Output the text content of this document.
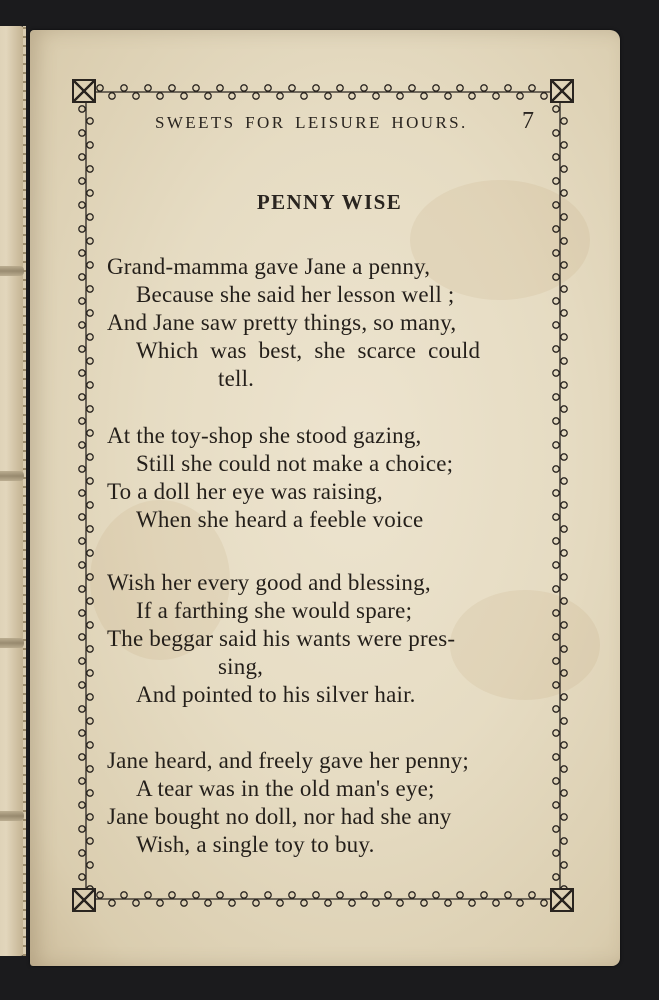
SWEETS FOR LEISURE HOURS. 7
PENNY WISE
Grand-mamma gave Jane a penny,
Because she said her lesson well ;
And Jane saw pretty things, so many,
Which was best, she scarce could
tell.
At the toy-shop she stood gazing,
Still she could not make a choice;
To a doll her eye was raising,
When she heard a feeble voice
Wish her every good and blessing,
If a farthing she would spare;
The beggar said his wants were pres-
sing,
And pointed to his silver hair.
Jane heard, and freely gave her penny;
A tear was in the old man's eye;
Jane bought no doll, nor had she any
Wish, a single toy to buy.
